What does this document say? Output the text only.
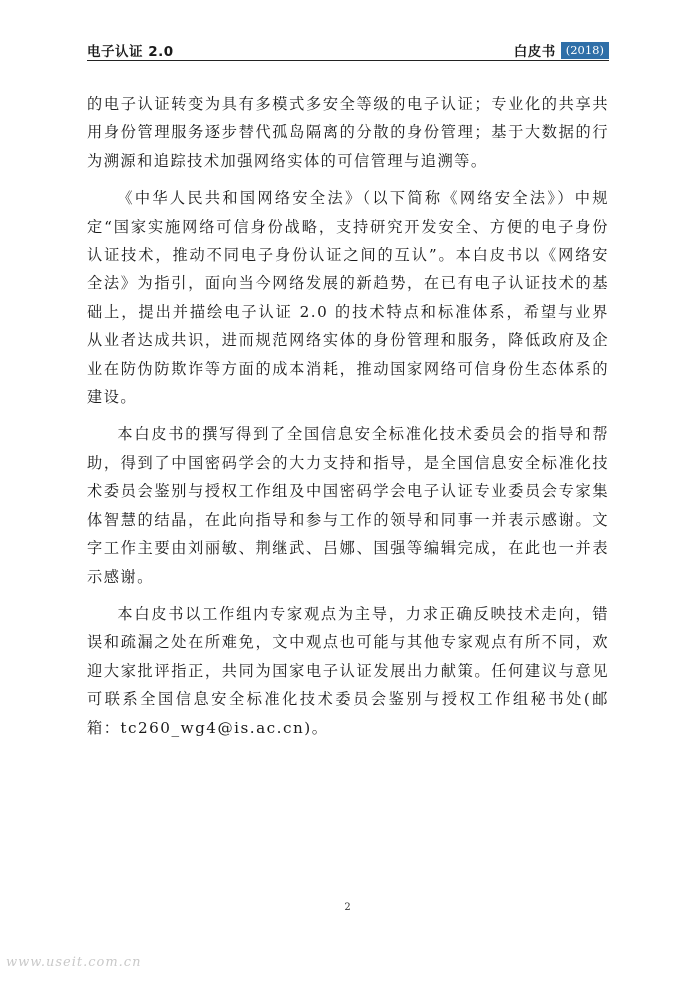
电子认证 2.0	白皮书 (2018)

的电子认证转变为具有多模式多安全等级的电子认证；专业化的共享共用身份管理服务逐步替代孤岛隔离的分散的身份管理；基于大数据的行为溯源和追踪技术加强网络实体的可信管理与追溯等。

《中华人民共和国网络安全法》（以下简称《网络安全法》）中规定“国家实施网络可信身份战略，支持研究开发安全、方便的电子身份认证技术，推动不同电子身份认证之间的互认”。本白皮书以《网络安全法》为指引，面向当今网络发展的新趋势，在已有电子认证技术的基础上，提出并描绘电子认证 2.0 的技术特点和标准体系，希望与业界从业者达成共识，进而规范网络实体的身份管理和服务，降低政府及企业在防伪防欺诈等方面的成本消耗，推动国家网络可信身份生态体系的建设。

本白皮书的撰写得到了全国信息安全标准化技术委员会的指导和帮助，得到了中国密码学会的大力支持和指导，是全国信息安全标准化技术委员会鉴别与授权工作组及中国密码学会电子认证专业委员会专家集体智慧的结晶，在此向指导和参与工作的领导和同事一并表示感谢。文字工作主要由刘丽敏、荆继武、吕娜、国强等编辑完成，在此也一并表示感谢。

本白皮书以工作组内专家观点为主导，力求正确反映技术走向，错误和疏漏之处在所难免，文中观点也可能与其他专家观点有所不同，欢迎大家批评指正，共同为国家电子认证发展出力献策。任何建议与意见可联系全国信息安全标准化技术委员会鉴别与授权工作组秘书处(邮箱：tc260_wg4@is.ac.cn)。

2
www.useit.com.cn
